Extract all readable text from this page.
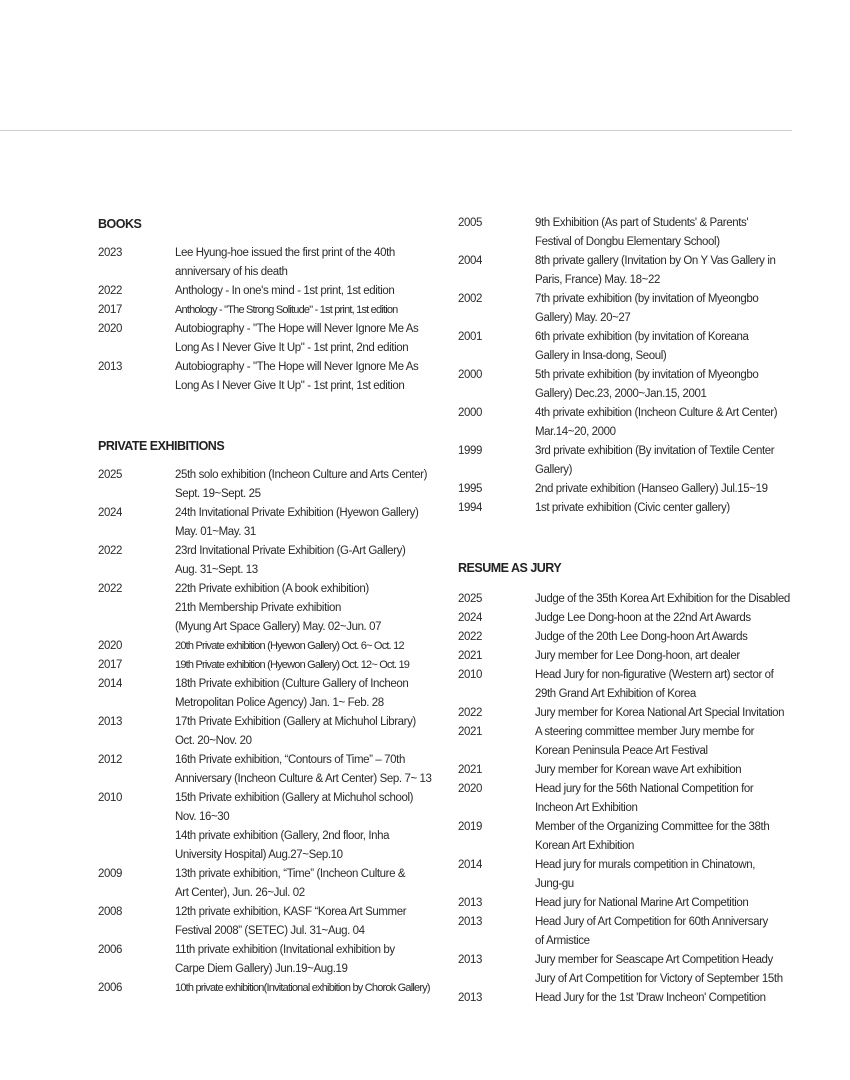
BOOKS
2023	Lee Hyung-hoe issued the first print of the 40th
anniversary of his death
2022	Anthology - In one's mind - 1st print, 1st edition
2017	Anthology - "The Strong Solitude" - 1st print, 1st edition
2020	Autobiography - "The Hope will Never Ignore Me As
Long As I Never Give It Up" - 1st print, 2nd edition
2013	Autobiography - "The Hope will Never Ignore Me As
Long As I Never Give It Up" - 1st print, 1st edition
PRIVATE EXHIBITIONS
2025	25th solo exhibition (Incheon Culture and Arts Center)
Sept. 19~Sept. 25
2024	24th Invitational Private Exhibition (Hyewon Gallery)
May. 01~May. 31
2022	23rd Invitational Private Exhibition (G-Art Gallery)
Aug. 31~Sept. 13
2022	22th Private exhibition (A book exhibition)
21th Membership Private exhibition
(Myung Art Space Gallery) May. 02~Jun. 07
2020	20th Private exhibition (Hyewon Gallery) Oct. 6~ Oct. 12
2017	19th Private exhibition (Hyewon Gallery) Oct. 12~ Oct. 19
2014	18th Private exhibition (Culture Gallery of Incheon
Metropolitan Police Agency) Jan. 1~ Feb. 28
2013	17th Private Exhibition (Gallery at Michuhol Library)
Oct. 20~Nov. 20
2012	16th Private exhibition, “Contours of Time” – 70th
Anniversary (Incheon Culture & Art Center) Sep. 7~ 13
2010	15th Private exhibition (Gallery at Michuhol school)
Nov. 16~30
14th private exhibition (Gallery, 2nd floor, Inha
University Hospital) Aug.27~Sep.10
2009	13th private exhibition, “Time” (Incheon Culture &
Art Center), Jun. 26~Jul. 02
2008	12th private exhibition, KASF “Korea Art Summer
Festival 2008” (SETEC) Jul. 31~Aug. 04
2006	11th private exhibition (Invitational exhibition by
Carpe Diem Gallery) Jun.19~Aug.19
2006	10th private exhibition(Invitational exhibition by Chorok Gallery)
2005	9th Exhibition (As part of Students' & Parents'
Festival of Dongbu Elementary School)
2004	8th private gallery (Invitation by On Y Vas Gallery in
Paris, France) May. 18~22
2002	7th private exhibition (by invitation of Myeongbo
Gallery) May. 20~27
2001	6th private exhibition (by invitation of Koreana
Gallery in Insa-dong, Seoul)
2000	5th private exhibition (by invitation of Myeongbo
Gallery) Dec.23, 2000~Jan.15, 2001
2000	4th private exhibition (Incheon Culture & Art Center)
Mar.14~20, 2000
1999	3rd private exhibition (By invitation of Textile Center
Gallery)
1995	2nd private exhibition (Hanseo Gallery) Jul.15~19
1994	1st private exhibition (Civic center gallery)
RESUME AS JURY
2025	Judge of the 35th Korea Art Exhibition for the Disabled
2024	Judge Lee Dong-hoon at the 22nd Art Awards
2022	Judge of the 20th Lee Dong-hoon Art Awards
2021	Jury member for Lee Dong-hoon, art dealer
2010	Head Jury for non-figurative (Western art) sector of
29th Grand Art Exhibition of Korea
2022	Jury member for Korea National Art Special Invitation
2021	A steering committee member Jury membe for
Korean Peninsula Peace Art Festival
2021	Jury member for Korean wave Art exhibition
2020	Head jury for the 56th National Competition for
Incheon Art Exhibition
2019	Member of the Organizing Committee for the 38th
Korean Art Exhibition
2014	Head jury for murals competition in Chinatown,
Jung-gu
2013	Head jury for National Marine Art Competition
2013	Head Jury of Art Competition for 60th Anniversary
of Armistice
2013	Jury member for Seascape Art Competition Heady
Jury of Art Competition for Victory of September 15th
2013	Head Jury for the 1st 'Draw Incheon' Competition
